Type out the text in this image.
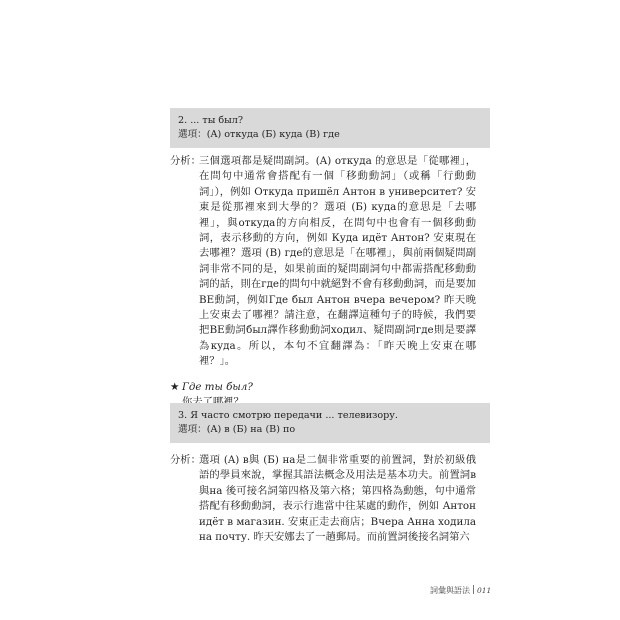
2. ... ты был?
選項：(A) откуда (Б) куда (B) где
分析：

三個選項都是疑問副詞。(A) откуда 的意思是「從哪裡」，在問句中通常會搭配有一個「移動動詞」（或稱「行動動詞」），例如 Откуда пришёл Антон в университет? 安東是從那裡來到大學的？選項 (Б) куда的意思是「去哪裡」，與откуда的方向相反，在問句中也會有一個移動動詞，表示移動的方向，例如 Куда идёт Антон? 安東現在去哪裡？選項 (B) где的意思是「在哪裡」，與前兩個疑問副詞非常不同的是，如果前面的疑問副詞句中都需搭配移動動詞的話，則在где的問句中就絕對不會有移動動詞，而是要加BE動詞，例如Где был Антон вчера вечером? 昨天晚上安東去了哪裡？請注意，在翻譯這種句子的時候，我們要把BE動詞был譯作移動動詞ходил、疑問副詞где則是要譯為куда。所以，本句不宜翻譯為：「昨天晚上安東在哪裡？」。

★ Где ты был?
3. Я часто смотрю передачи ... телевизору.
選項：(A) в (Б) на (B) по
分析：

選項 (A) в與 (Б) на是二個非常重要的前置詞，對於初級俄語的學員來說，掌握其語法概念及用法是基本功夫。前置詞в與на 後可接名詞第四格及第六格；第四格為動態，句中通常搭配有移動動詞，表示行進當中往某處的動作，例如 Антон идёт в магазин. 安東正走去商店；Вчера Анна ходила на почту. 昨天安娜去了一趟郵局。而前置詞後接名詞第六

詞彙與語法 011
